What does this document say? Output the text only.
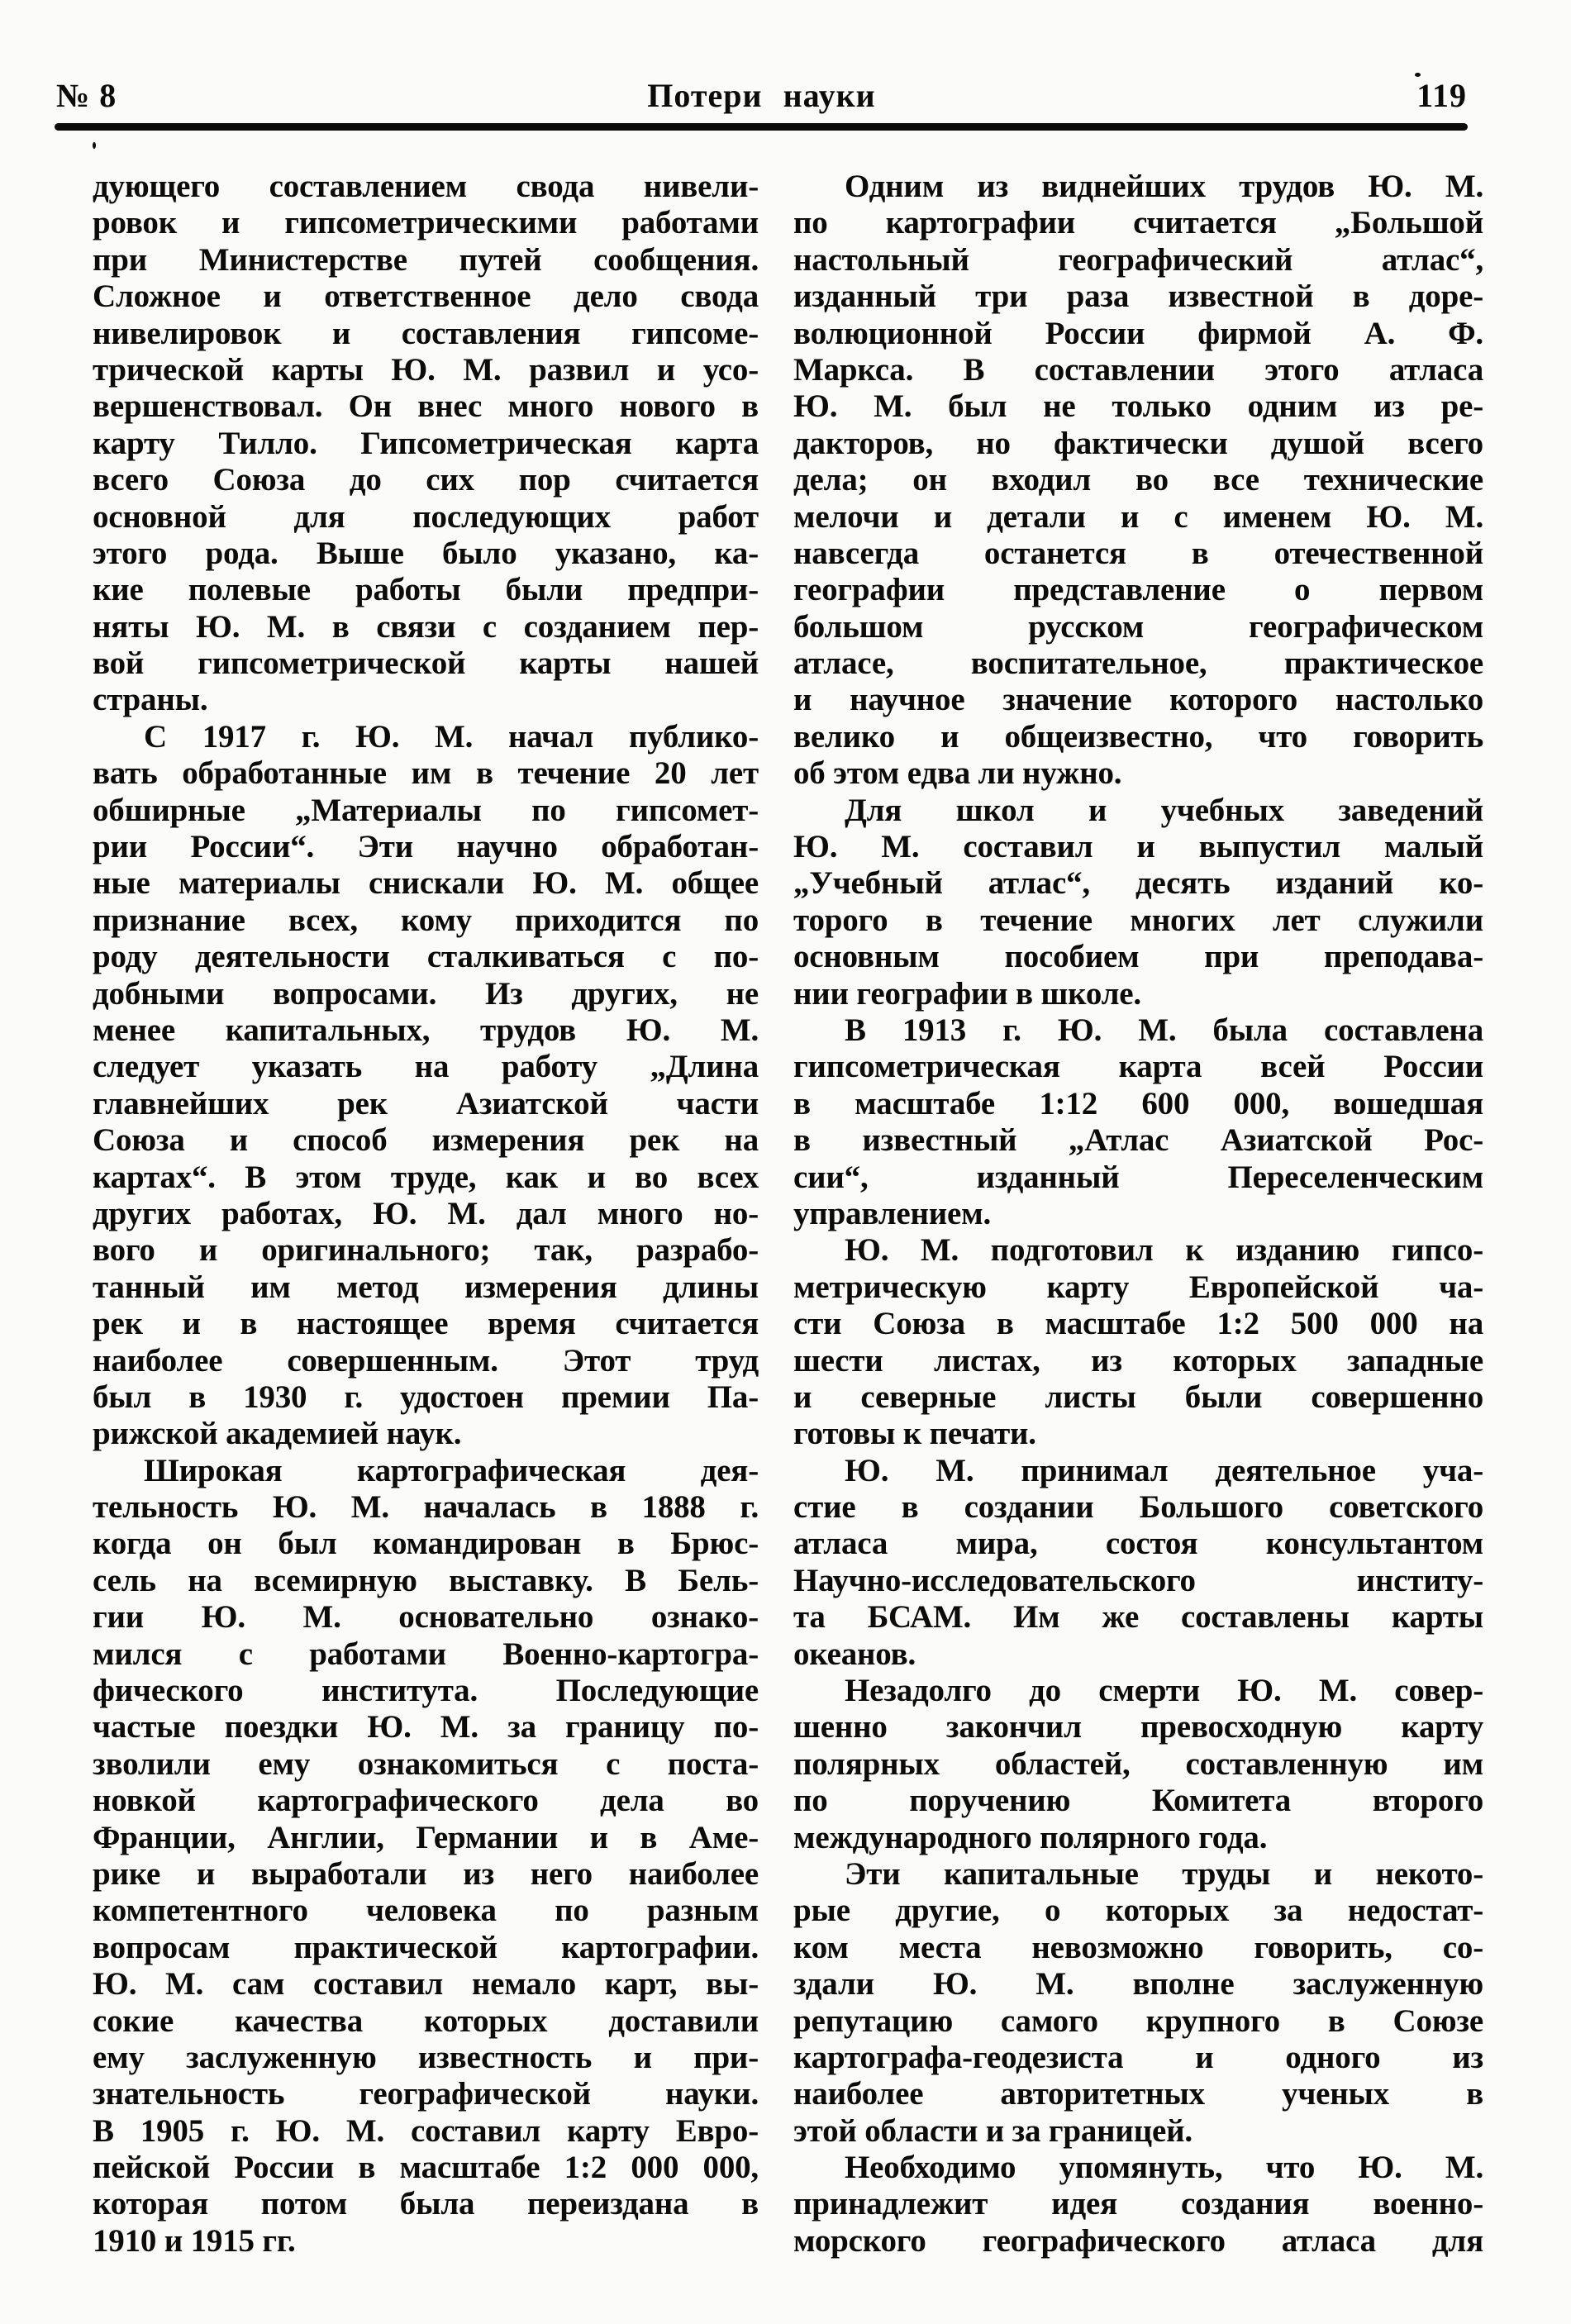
№ 8	Потери науки	119
дующего составлением свода нивели-
ровок и гипсометрическими работами
при Министерстве путей сообщения.
Сложное и ответственное дело свода
нивелировок и составления гипсоме-
трической карты Ю. М. развил и усо-
вершенствовал. Он внес много нового в
карту Тилло. Гипсометрическая карта
всего Союза до сих пор считается
основной для последующих работ
этого рода. Выше было указано, ка-
кие полевые работы были предпри-
няты Ю. М. в связи с созданием пер-
вой гипсометрической карты нашей
страны.
С 1917 г. Ю. М. начал публико-
вать обработанные им в течение 20 лет
обширные „Материалы по гипсомет-
рии России“. Эти научно обработан-
ные материалы снискали Ю. М. общее
признание всех, кому приходится по
роду деятельности сталкиваться с по-
добными вопросами. Из других, не
менее капитальных, трудов Ю. М.
следует указать на работу „Длина
главнейших рек Азиатской части
Союза и способ измерения рек на
картах“. В этом труде, как и во всех
других работах, Ю. М. дал много но-
вого и оригинального; так, разрабо-
танный им метод измерения длины
рек и в настоящее время считается
наиболее совершенным. Этот труд
был в 1930 г. удостоен премии Па-
рижской академией наук.
Широкая картографическая дея-
тельность Ю. М. началась в 1888 г.
когда он был командирован в Брюс-
сель на всемирную выставку. В Бель-
гии Ю. М. основательно ознако-
мился с работами Военно-картогра-
фического института. Последующие
частые поездки Ю. М. за границу по-
зволили ему ознакомиться с поста-
новкой картографического дела во
Франции, Англии, Германии и в Аме-
рике и выработали из него наиболее
компетентного человека по разным
вопросам практической картографии.
Ю. М. сам составил немало карт, вы-
сокие качества которых доставили
ему заслуженную известность и при-
знательность географической науки.
В 1905 г. Ю. М. составил карту Евро-
пейской России в масштабе 1:2 000 000,
которая потом была переиздана в
1910 и 1915 гг.
Одним из виднейших трудов Ю. М.
по картографии считается „Большой
настольный географический атлас“,
изданный три раза известной в доре-
волюционной России фирмой А. Ф.
Маркса. В составлении этого атласа
Ю. М. был не только одним из ре-
дакторов, но фактически душой всего
дела; он входил во все технические
мелочи и детали и с именем Ю. М.
навсегда останется в отечественной
географии представление о первом
большом русском географическом
атласе, воспитательное, практическое
и научное значение которого настолько
велико и общеизвестно, что говорить
об этом едва ли нужно.
Для школ и учебных заведений
Ю. М. составил и выпустил малый
„Учебный атлас“, десять изданий ко-
торого в течение многих лет служили
основным пособием при преподава-
нии географии в школе.
В 1913 г. Ю. М. была составлена
гипсометрическая карта всей России
в масштабе 1:12 600 000, вошедшая
в известный „Атлас Азиатской Рос-
сии“, изданный Переселенческим
управлением.
Ю. М. подготовил к изданию гипсо-
метрическую карту Европейской ча-
сти Союза в масштабе 1:2 500 000 на
шести листах, из которых западные
и северные листы были совершенно
готовы к печати.
Ю. М. принимал деятельное уча-
стие в создании Большого советского
атласа мира, состоя консультантом
Научно-исследовательского институ-
та БСАМ. Им же составлены карты
океанов.
Незадолго до смерти Ю. М. совер-
шенно закончил превосходную карту
полярных областей, составленную им
по поручению Комитета второго
международного полярного года.
Эти капитальные труды и некото-
рые другие, о которых за недостат-
ком места невозможно говорить, со-
здали Ю. М. вполне заслуженную
репутацию самого крупного в Союзе
картографа-геодезиста и одного из
наиболее авторитетных ученых в
этой области и за границей.
Необходимо упомянуть, что Ю. М.
принадлежит идея создания военно-
морского географического атласа для
